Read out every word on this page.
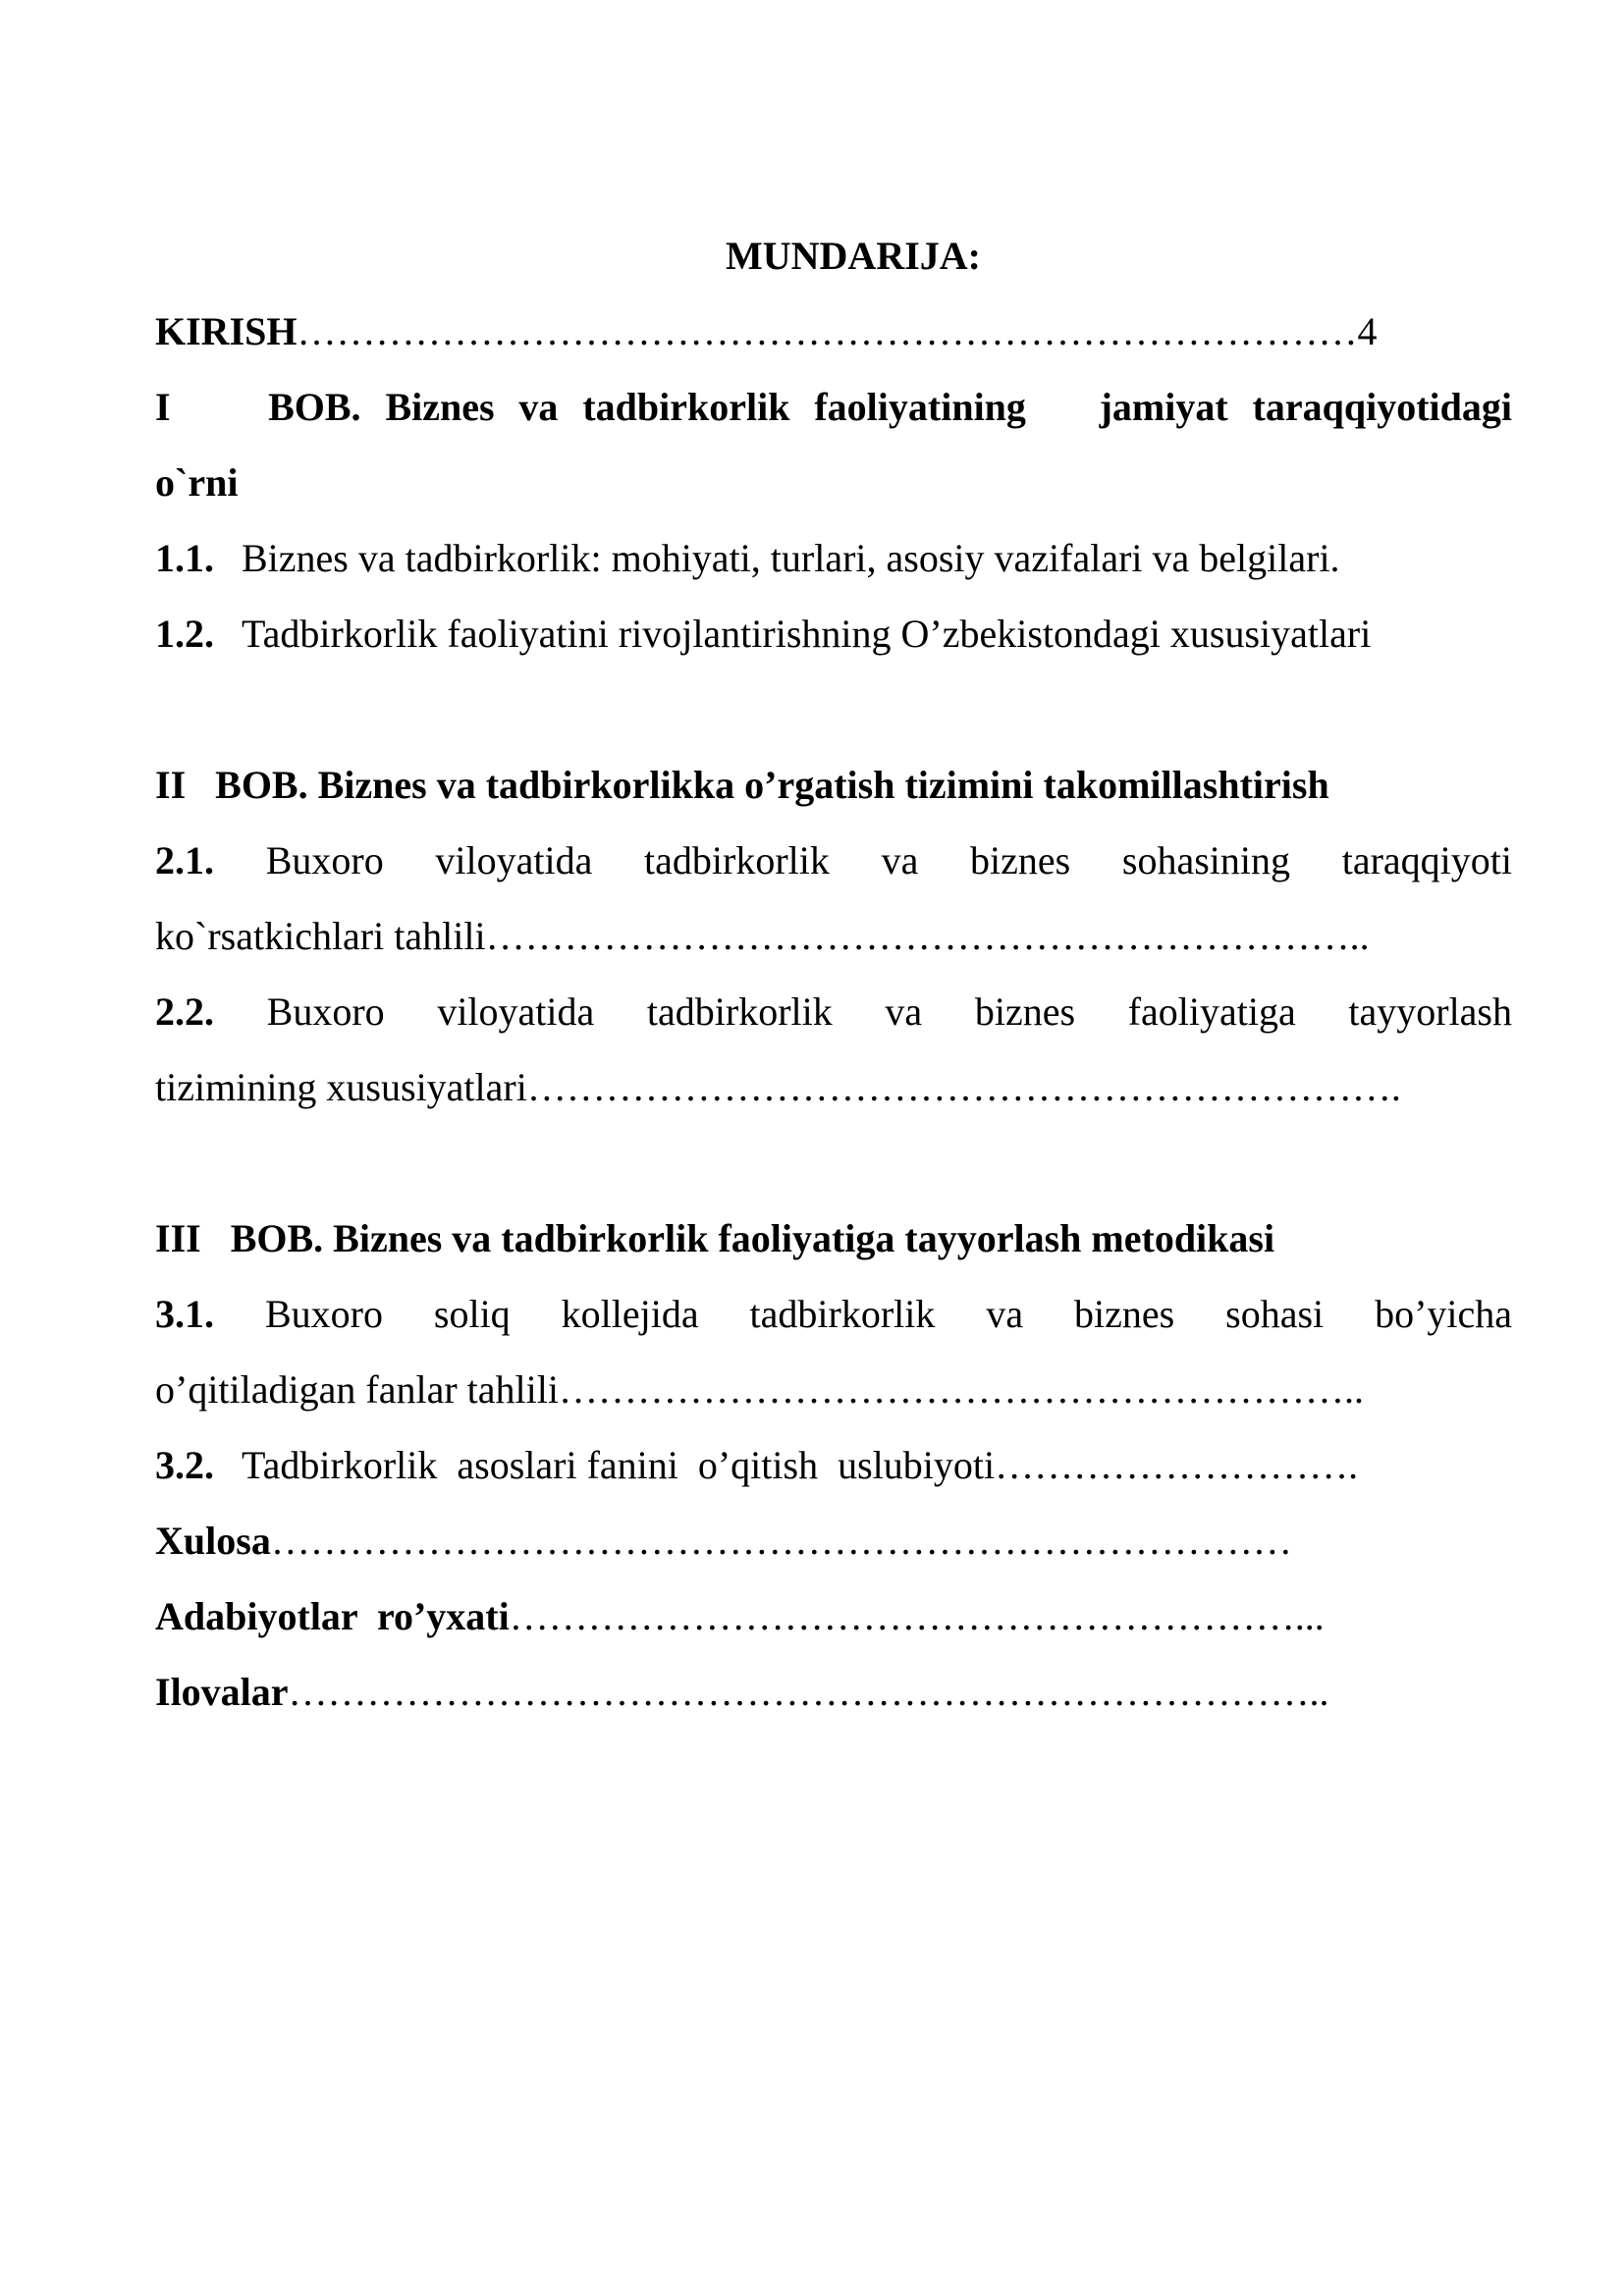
MUNDARIJA:
KIRISH………………………………………………………………………4
I    BOB. Biznes va tadbirkorlik faoliyatining   jamiyat taraqqiyotidagi
o`rni
1.1. Biznes va tadbirkorlik: mohiyati, turlari, asosiy vazifalari va belgilari.
1.2. Tadbirkorlik faoliyatini rivojlantirishning O’zbekistondagi xususiyatlari
II   BOB. Biznes va tadbirkorlikka o’rgatish tizimini takomillashtirish
2.1. Buxoro viloyatida tadbirkorlik va biznes sohasining taraqqiyoti
ko`rsatkichlari tahlili…………………………………………………………..
2.2. Buxoro viloyatida tadbirkorlik va biznes faoliyatiga tayyorlash
tizimining xususiyatlari………………………………………………………….
III   BOB. Biznes va tadbirkorlik faoliyatiga tayyorlash metodikasi
3.1. Buxoro soliq kollejida tadbirkorlik va biznes sohasi bo’yicha
o’qitiladigan fanlar tahlili……………………………………………………..
3.2. Tadbirkorlik  asoslari fanini  o’qitish  uslubiyoti……………………….
Xulosa……………………………………………………………………
Adabiyotlar  ro’yxati……………………………………………………...
Ilovalar……………………………………………………………………..
